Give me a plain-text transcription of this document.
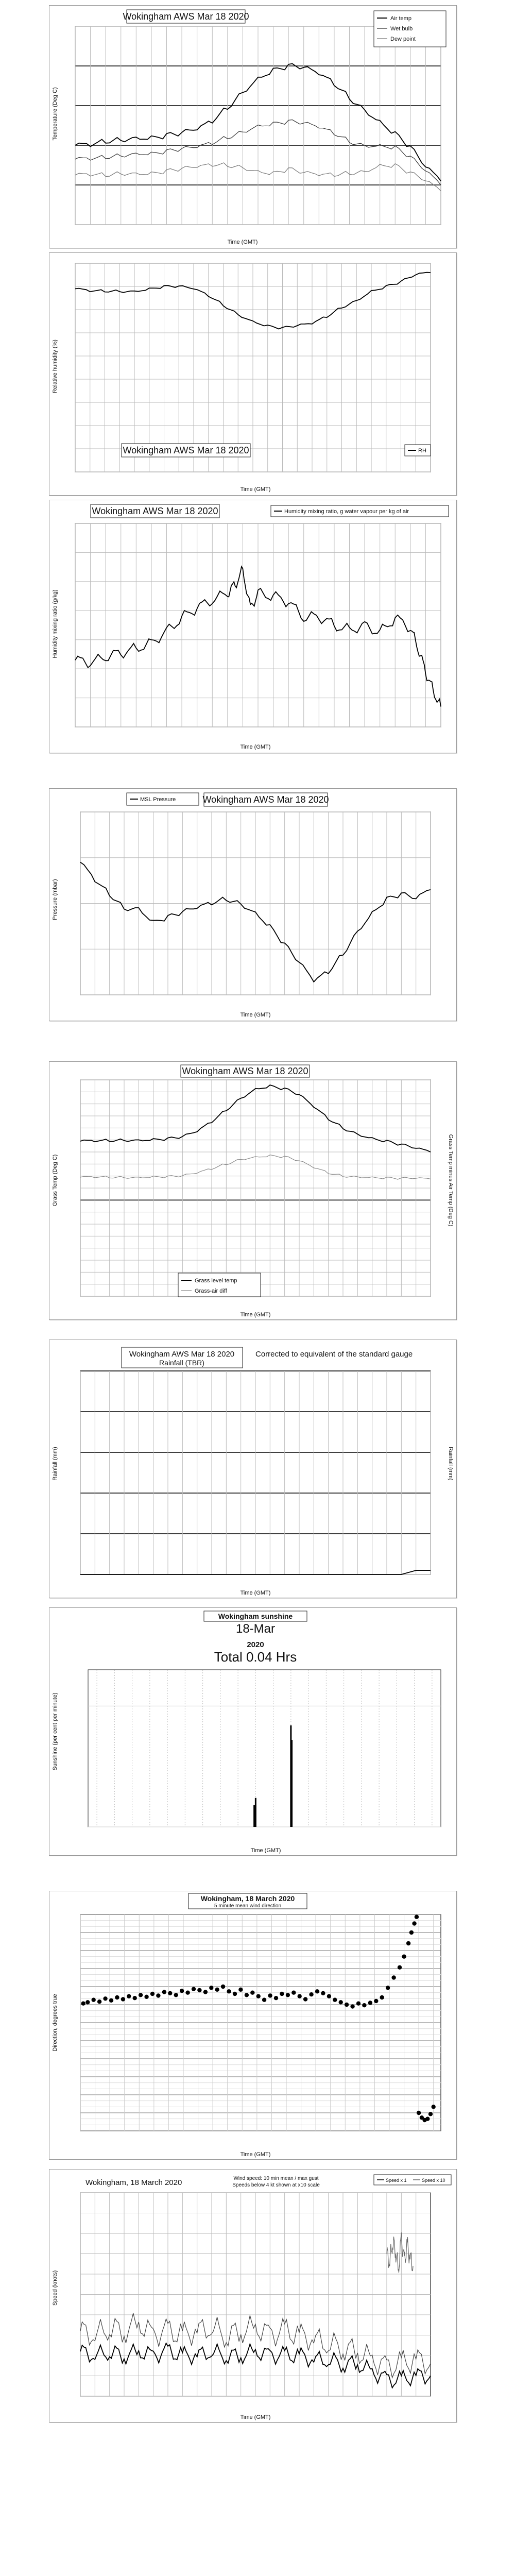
Wokingham AWS Mar 18 2020
Time (GMT)
Temperature (Deg C)
Air temp
Wet bulb
Dew point
Wokingham AWS Mar 18 2020	RH
Time (GMT)
Relative humidity (%)
Wokingham AWS Mar 18 2020	Humidity mixing ratio, g water vapour per kg of air
Time (GMT)
Humidity mixing ratio (g/kg)
MSL Pressure	Wokingham AWS Mar 18 2020
Time (GMT)
Pressure (mbar)
Wokingham AWS Mar 18 2020
Grass level temp
Grass-air diff
Time (GMT)
Grass Temp (Deg C)	Grass Temp minus Air Temp (Deg C)
Wokingham AWS Mar 18 2020
Rainfall (TBR)
Corrected to equivalent of the standard gauge
Time (GMT)
Rainfall (mm)	Rainfall (mm)
Wokingham sunshine
18-Mar
2020
Total 0.04 Hrs
Time (GMT)
Sunshine (per cent per minute)
Wokingham, 18 March 2020
5 minute mean wind direction
Time (GMT)
Direction, degrees true
Wokingham, 18 March 2020	Wind speed: 10 min mean / max gust
Speeds below 4 kt shown at x10 scale
Speed x 1	Speed x 10
Time (GMT)
Speed (knots)
